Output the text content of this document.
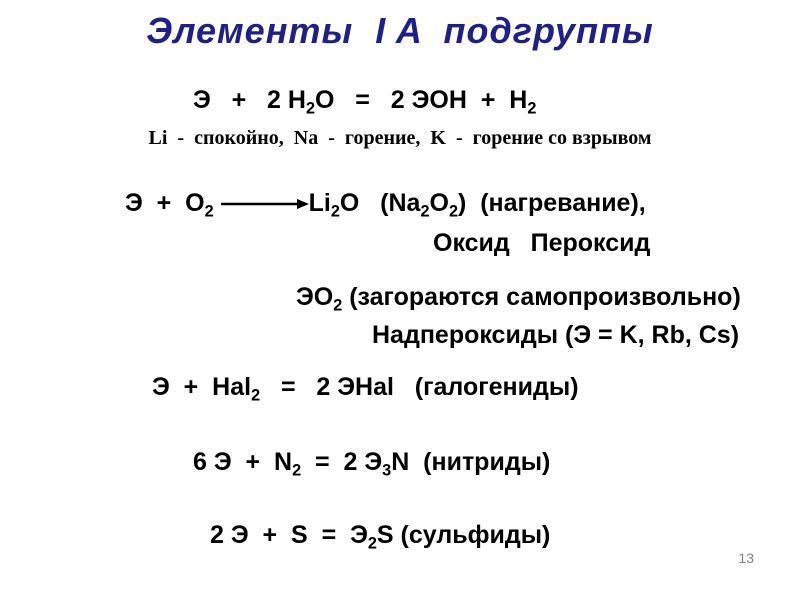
Элементы  I A  подгруппы
Э   +   2 $H_2O = 2$ ЭOH  +  $H_2$
Li  -  спокойно,  Na  -  горение,  K  -  горение со взрывом
$Э + O_2$	$Li_2O$   $(Na_2O_2)$  (нагревание),
Оксид   Пероксид
$ЭO_2$ (загораются самопроизвольно)
Надпероксиды (Э = K, Rb, Cs)
Э  +  Hal$_2$   =   2 ЭHal   (галогениды)
6 $Э + N_2 = 2$ $Э_3N$  (нитриды)
2 $Э + S = Э_2S$ (сульфиды)
13
